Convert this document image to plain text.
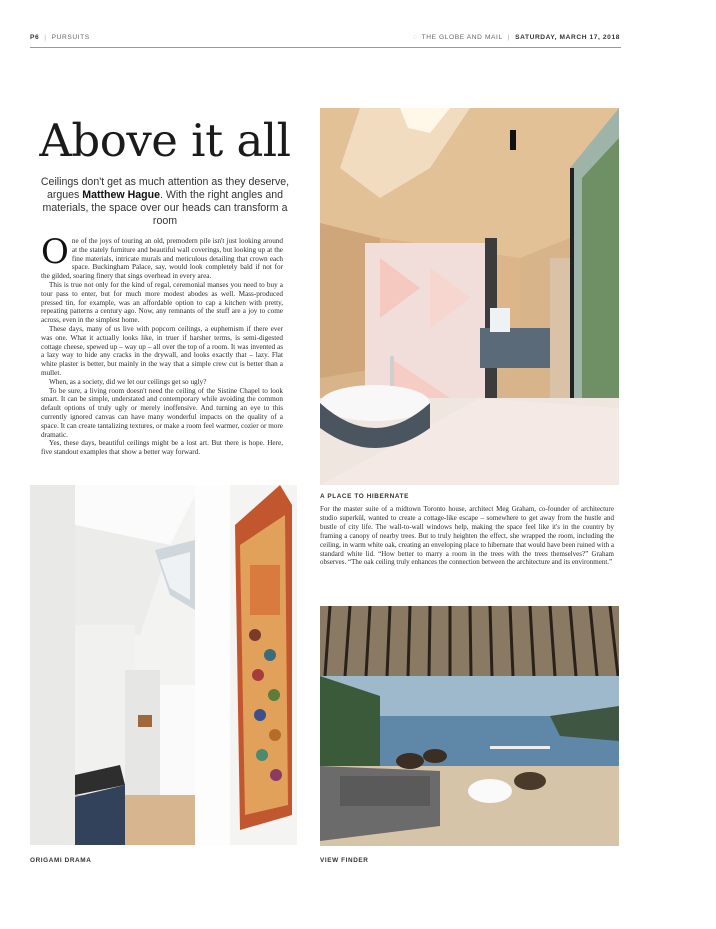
P6 | PURSUITS	◌ THE GLOBE AND MAIL | SATURDAY, MARCH 17, 2018
Above it all
Ceilings don't get as much attention as they deserve, argues Matthew Hague. With the right angles and materials, the space over our heads can transform a room

One of the joys of touring an old, premodern pile isn't just looking around at the stately furniture and beautiful wall coverings, but looking up at the fine materials, intricate murals and meticulous detailing that crown each space. Buckingham Palace, say, would look completely bald if not for the gilded, soaring finery that sings overhead in every area.

This is true not only for the kind of regal, ceremonial manses you need to buy a tour pass to enter, but for much more modest abodes as well. Mass-produced pressed tin, for example, was an affordable option to cap a kitchen with pretty, repeating patterns a century ago. Now, any remnants of the stuff are a joy to come across, even in the simplest home.

These days, many of us live with popcorn ceilings, a euphemism if there ever was one. What it actually looks like, in truer if harsher terms, is semi-digested cottage cheese, spewed up – way up – all over the top of a room. It was invented as a lazy way to hide any cracks in the drywall, and looks exactly that – lazy. Flat white plaster is better, but mainly in the way that a simple crew cut is better than a mullet.

When, as a society, did we let our ceilings get so ugly?

To be sure, a living room doesn't need the ceiling of the Sistine Chapel to look smart. It can be simple, understated and contemporary while avoiding the common default options of truly ugly or merely inoffensive. And turning an eye to this currently ignored canvas can have many wonderful impacts on the quality of a space. It can create tantalizing textures, or make a room feel warmer, cozier or more dramatic.

Yes, these days, beautiful ceilings might be a lost art. But there is hope. Here, five standout examples that show a better way forward.

A PLACE TO HIBERNATE
For the master suite of a midtown Toronto house, architect Meg Graham, co-founder of architecture studio superkül, wanted to create a cottage-like escape – somewhere to get away from the hustle and bustle of city life. The wall-to-wall windows help, making the space feel like it's in the country by framing a canopy of nearby trees. But to truly heighten the effect, she wrapped the room, including the ceiling, in warm white oak, creating an enveloping place to hibernate that would have been ruined with a standard white lid. “How better to marry a room in the trees with the trees themselves?” Graham observes. “The oak ceiling truly enhances the connection between the architecture and its environment.”
ORIGAMI DRAMA	VIEW FINDER
